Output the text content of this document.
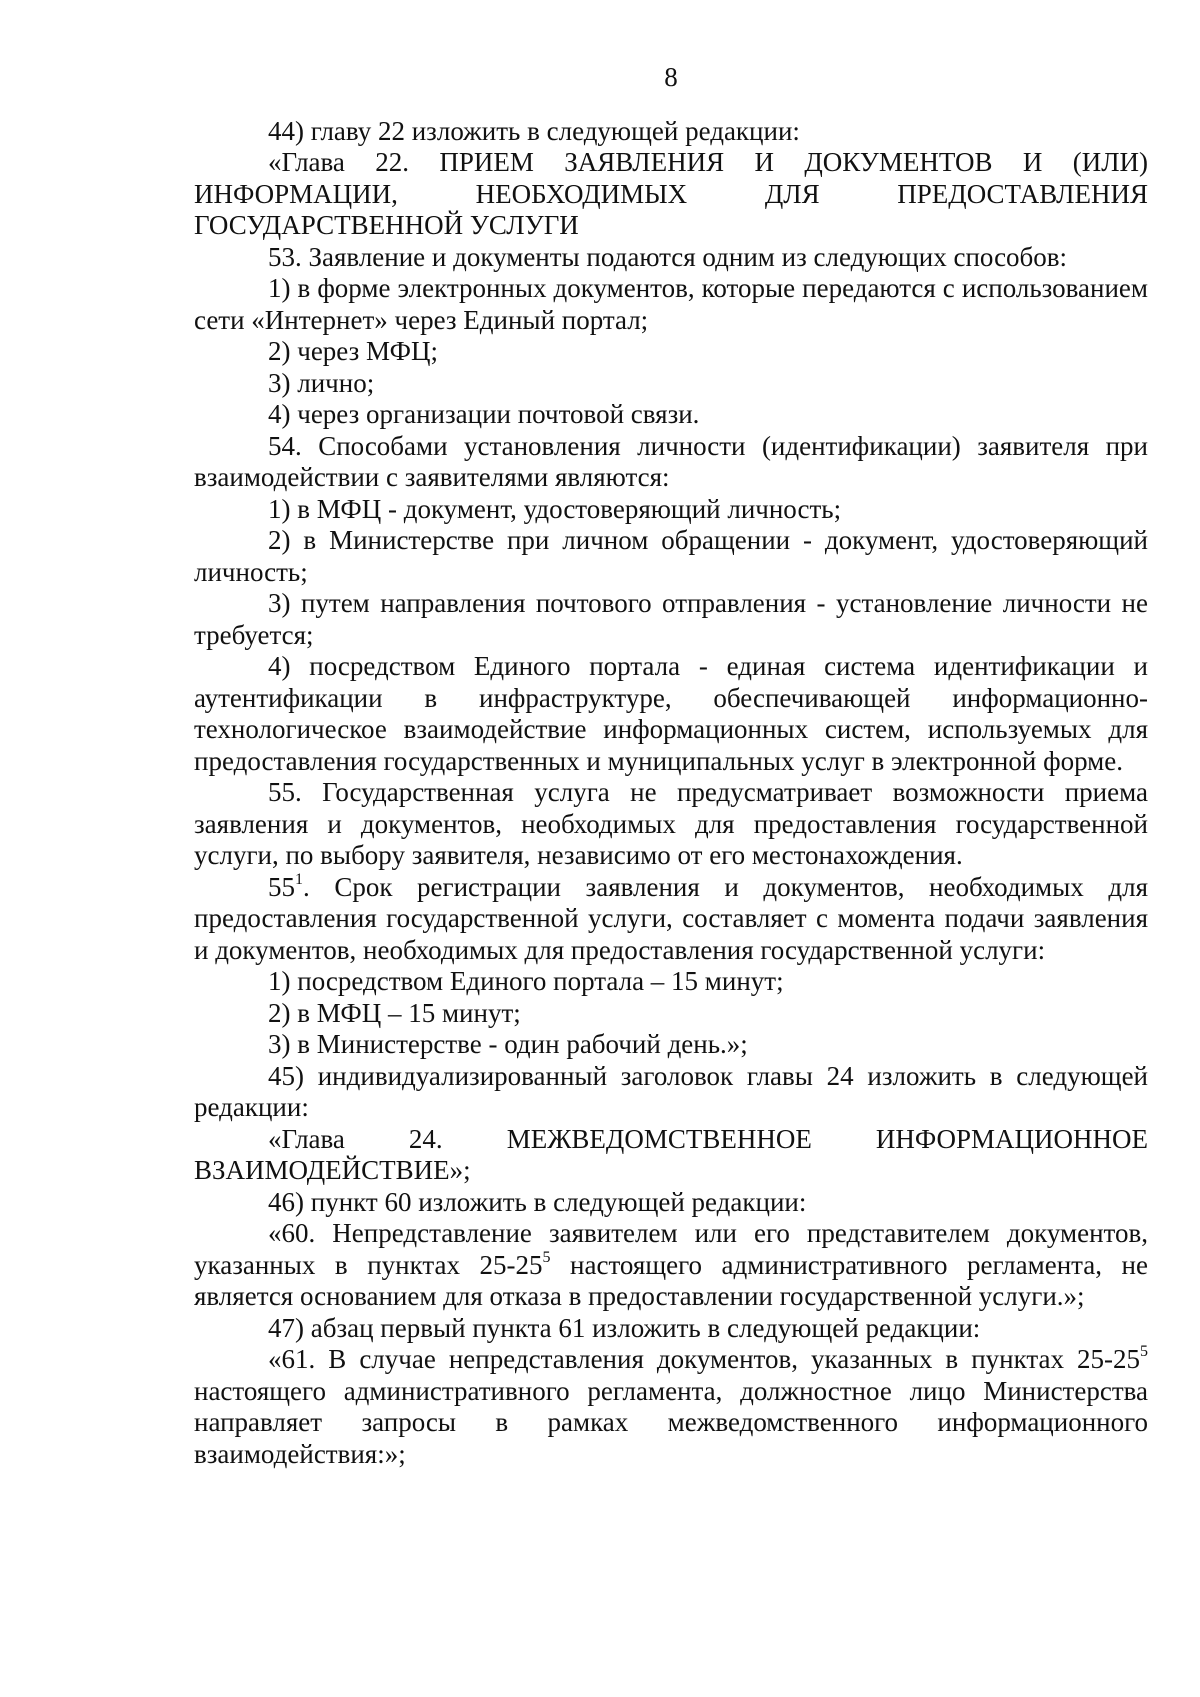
8

44) главу 22 изложить в следующей редакции:

«Глава 22. ПРИЕМ ЗАЯВЛЕНИЯ И ДОКУМЕНТОВ И (ИЛИ) ИНФОРМАЦИИ, НЕОБХОДИМЫХ ДЛЯ ПРЕДОСТАВЛЕНИЯ ГОСУДАРСТВЕННОЙ УСЛУГИ

53. Заявление и документы подаются одним из следующих способов:

1) в форме электронных документов, которые передаются с использованием сети «Интернет» через Единый портал;

2) через МФЦ;

3) лично;

4) через организации почтовой связи.

54. Способами установления личности (идентификации) заявителя при взаимодействии с заявителями являются:

1) в МФЦ - документ, удостоверяющий личность;

2) в Министерстве при личном обращении - документ, удостоверяющий личность;

3) путем направления почтового отправления - установление личности не требуется;

4) посредством Единого портала - единая система идентификации и аутентификации в инфраструктуре, обеспечивающей информационно-технологическое взаимодействие информационных систем, используемых для предоставления государственных и муниципальных услуг в электронной форме.

55. Государственная услуга не предусматривает возможности приема заявления и документов, необходимых для предоставления государственной услуги, по выбору заявителя, независимо от его местонахождения.

$55^1$. Срок регистрации заявления и документов, необходимых для предоставления государственной услуги, составляет с момента подачи заявления и документов, необходимых для предоставления государственной услуги:

1) посредством Единого портала – 15 минут;

2) в МФЦ – 15 минут;

3) в Министерстве - один рабочий день.»;

45) индивидуализированный заголовок главы 24 изложить в следующей редакции:

«Глава 24. МЕЖВЕДОМСТВЕННОЕ ИНФОРМАЦИОННОЕ ВЗАИМОДЕЙСТВИЕ»;

46) пункт 60 изложить в следующей редакции:

«60. Непредставление заявителем или его представителем документов, указанных в пунктах $25-25^5$ настоящего административного регламента, не является основанием для отказа в предоставлении государственной услуги.»;

47) абзац первый пункта 61 изложить в следующей редакции:

«61. В случае непредставления документов, указанных в пунктах $25-25^5$ настоящего административного регламента, должностное лицо Министерства направляет запросы в рамках межведомственного информационного взаимодействия:»;
